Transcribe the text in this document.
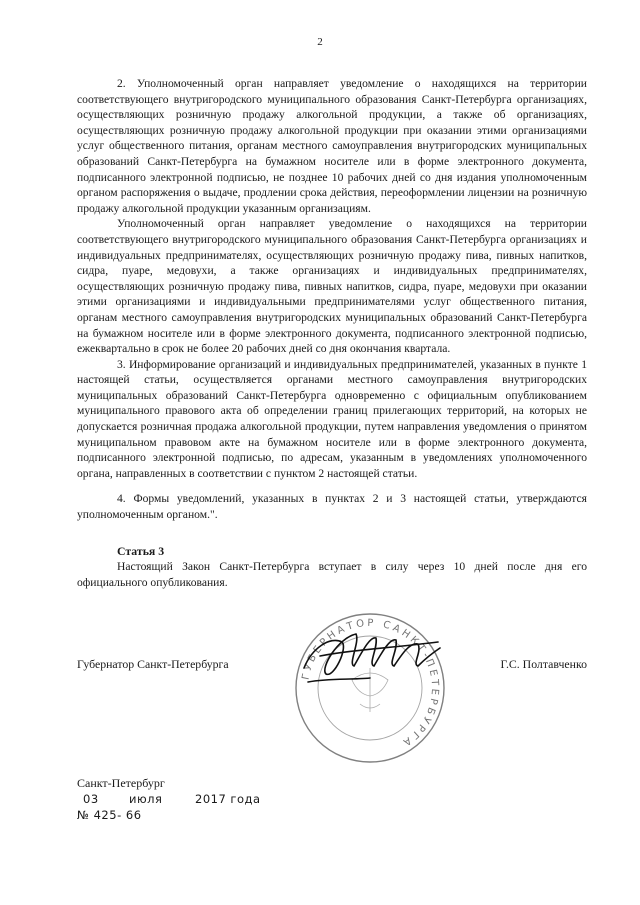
2

2. Уполномоченный орган направляет уведомление о находящихся на территории соответствующего внутригородского муниципального образования Санкт-Петербурга организациях, осуществляющих розничную продажу алкогольной продукции, а также об организациях, осуществляющих розничную продажу алкогольной продукции при оказании этими организациями услуг общественного питания, органам местного самоуправления внутригородских муниципальных образований Санкт-Петербурга на бумажном носителе или в форме электронного документа, подписанного электронной подписью, не позднее 10 рабочих дней со дня издания уполномоченным органом распоряжения о выдаче, продлении срока действия, переоформлении лицензии на розничную продажу алкогольной продукции указанным организациям.

Уполномоченный орган направляет уведомление о находящихся на территории соответствующего внутригородского муниципального образования Санкт-Петербурга организациях и индивидуальных предпринимателях, осуществляющих розничную продажу пива, пивных напитков, сидра, пуаре, медовухи, а также организациях и индивидуальных предпринимателях, осуществляющих розничную продажу пива, пивных напитков, сидра, пуаре, медовухи при оказании этими организациями и индивидуальными предпринимателями услуг общественного питания, органам местного самоуправления внутригородских муниципальных образований Санкт-Петербурга на бумажном носителе или в форме электронного документа, подписанного электронной подписью, ежеквартально в срок не более 20 рабочих дней со дня окончания квартала.

3. Информирование организаций и индивидуальных предпринимателей, указанных в пункте 1 настоящей статьи, осуществляется органами местного самоуправления внутригородских муниципальных образований Санкт-Петербурга одновременно с официальным опубликованием муниципального правового акта об определении границ прилегающих территорий, на которых не допускается розничная продажа алкогольной продукции, путем направления уведомления о принятом муниципальном правовом акте на бумажном носителе или в форме электронного документа, подписанного электронной подписью, по адресам, указанным в уведомлениях уполномоченного органа, направленных в соответствии с пунктом 2 настоящей статьи.

4. Формы уведомлений, указанных в пунктах 2 и 3 настоящей статьи, утверждаются уполномоченным органом.".

Статья 3

Настоящий Закон Санкт-Петербурга вступает в силу через 10 дней после дня его официального опубликования.

ГУБЕРНАТОР САНКТ-ПЕТЕРБУРГА
Губернатор Санкт-Петербурга	Г.С. Полтавченко
Санкт-Петербург
03	июля	2017 года
№ 425- 66
